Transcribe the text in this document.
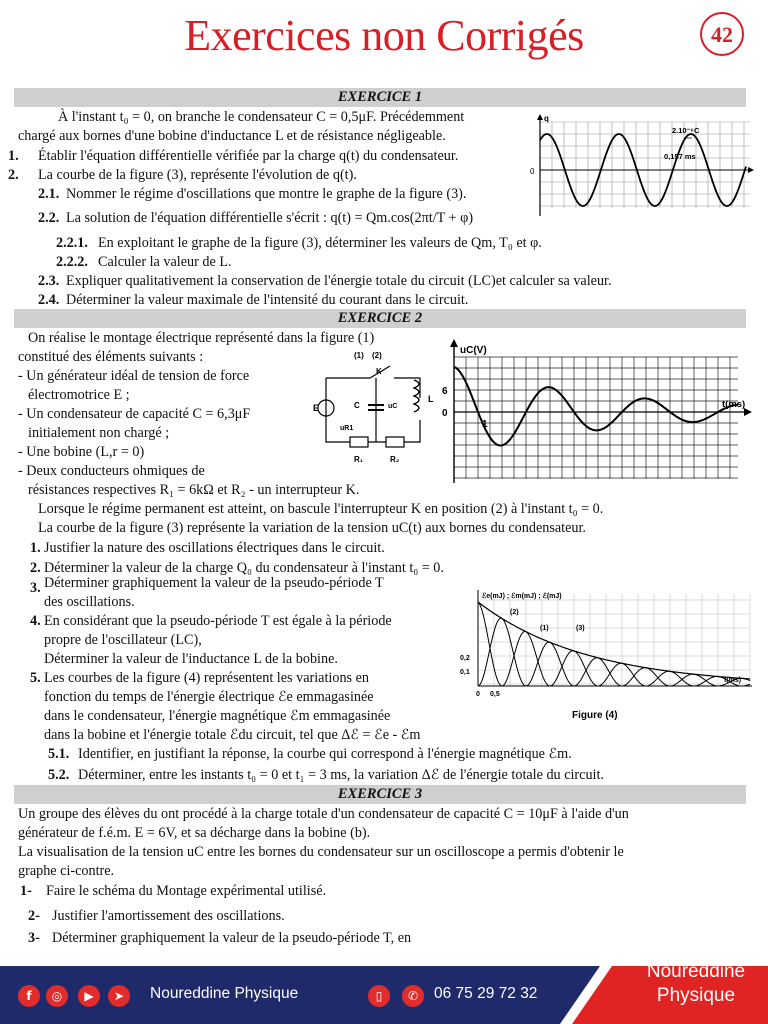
Exercices non Corrigés	42
EXERCICE 1
À l'instant t₀ = 0, on branche le condensateur C = 0,5μF. Précédemment
chargé aux bornes d'une bobine d'inductance L et de résistance négligeable.
1. Établir l'équation différentielle vérifiée par la charge q(t) du condensateur.
2. La courbe de la figure (3), représente l'évolution de q(t).
2.1. Nommer le régime d'oscillations que montre le graphe de la figure (3).
2.2. La solution de l'équation différentielle s'écrit : q(t) = Qm.cos(2πt/T + φ)
2.2.1. En exploitant le graphe de la figure (3), déterminer les valeurs de Qm, T₀ et φ.
2.2.2. Calculer la valeur de L.
2.3. Expliquer qualitativement la conservation de l'énergie totale du circuit (LC)et calculer sa valeur.
2.4. Déterminer la valeur maximale de l'intensité du courant dans le circuit.
q
0
2.10⁻⁶C
0,157 ms
EXERCICE 2
On réalise le montage électrique représenté dans la figure (1)
constitué des éléments suivants :
- Un générateur idéal de tension de force
électromotrice E ;
- Un condensateur de capacité C = 6,3μF
initialement non chargé ;
- Une bobine (L,r = 0)
- Deux conducteurs ohmiques de
résistances respectives R₁ = 6kΩ et R₂ - un interrupteur K.
Lorsque le régime permanent est atteint, on bascule l'interrupteur K en position (2) à l'instant t₀ = 0.
La courbe de la figure (3) représente la variation de la tension uC(t) aux bornes du condensateur.
1. Justifier la nature des oscillations électriques dans le circuit.
2. Déterminer la valeur de la charge Q₀ du condensateur à l'instant t₀ = 0.
3. Déterminer graphiquement la valeur de la pseudo-période T
des oscillations.
4. En considérant que la pseudo-période T est égale à la période
propre de l'oscillateur (LC),
Déterminer la valeur de l'inductance L de la bobine.
5. Les courbes de la figure (4) représentent les variations en
fonction du temps de l'énergie électrique ℰe emmagasinée
dans le condensateur, l'énergie magnétique ℰm emmagasinée
dans la bobine et l'énergie totale ℰdu circuit, tel que Δℰ = ℰe - ℰm
5.1. Identifier, en justifiant la réponse, la courbe qui correspond à l'énergie magnétique ℰm.
5.2. Déterminer, entre les instants t₀ = 0 et t₁ = 3 ms, la variation Δℰ de l'énergie totale du circuit.
(1) (2)
K
E	C	uC
L
uR1
R₁	R₂
uC(V)
t(ms)
6
0
1
ℰe(mJ) ; ℰm(mJ) ; ℰ(mJ)
(2)
(1)	(3)
0,2
0,1
0 0,5
t(ms)
Figure (4)
EXERCICE 3
Un groupe des élèves du ont procédé à la charge totale d'un condensateur de capacité C = 10μF à l'aide d'un
générateur de f.é.m. E = 6V, et sa décharge dans la bobine (b).
La visualisation de la tension uC entre les bornes du condensateur sur un oscilloscope a permis d'obtenir le
graphe ci-contre.
1- Faire le schéma du Montage expérimental utilisé.
2- Justifier l'amortissement des oscillations.
3- Déterminer graphiquement la valeur de la pseudo-période T, en
f	◎	▶	➤	Noureddine Physique	▯	✆	06 75 29 72 32
Noureddine
Physique
